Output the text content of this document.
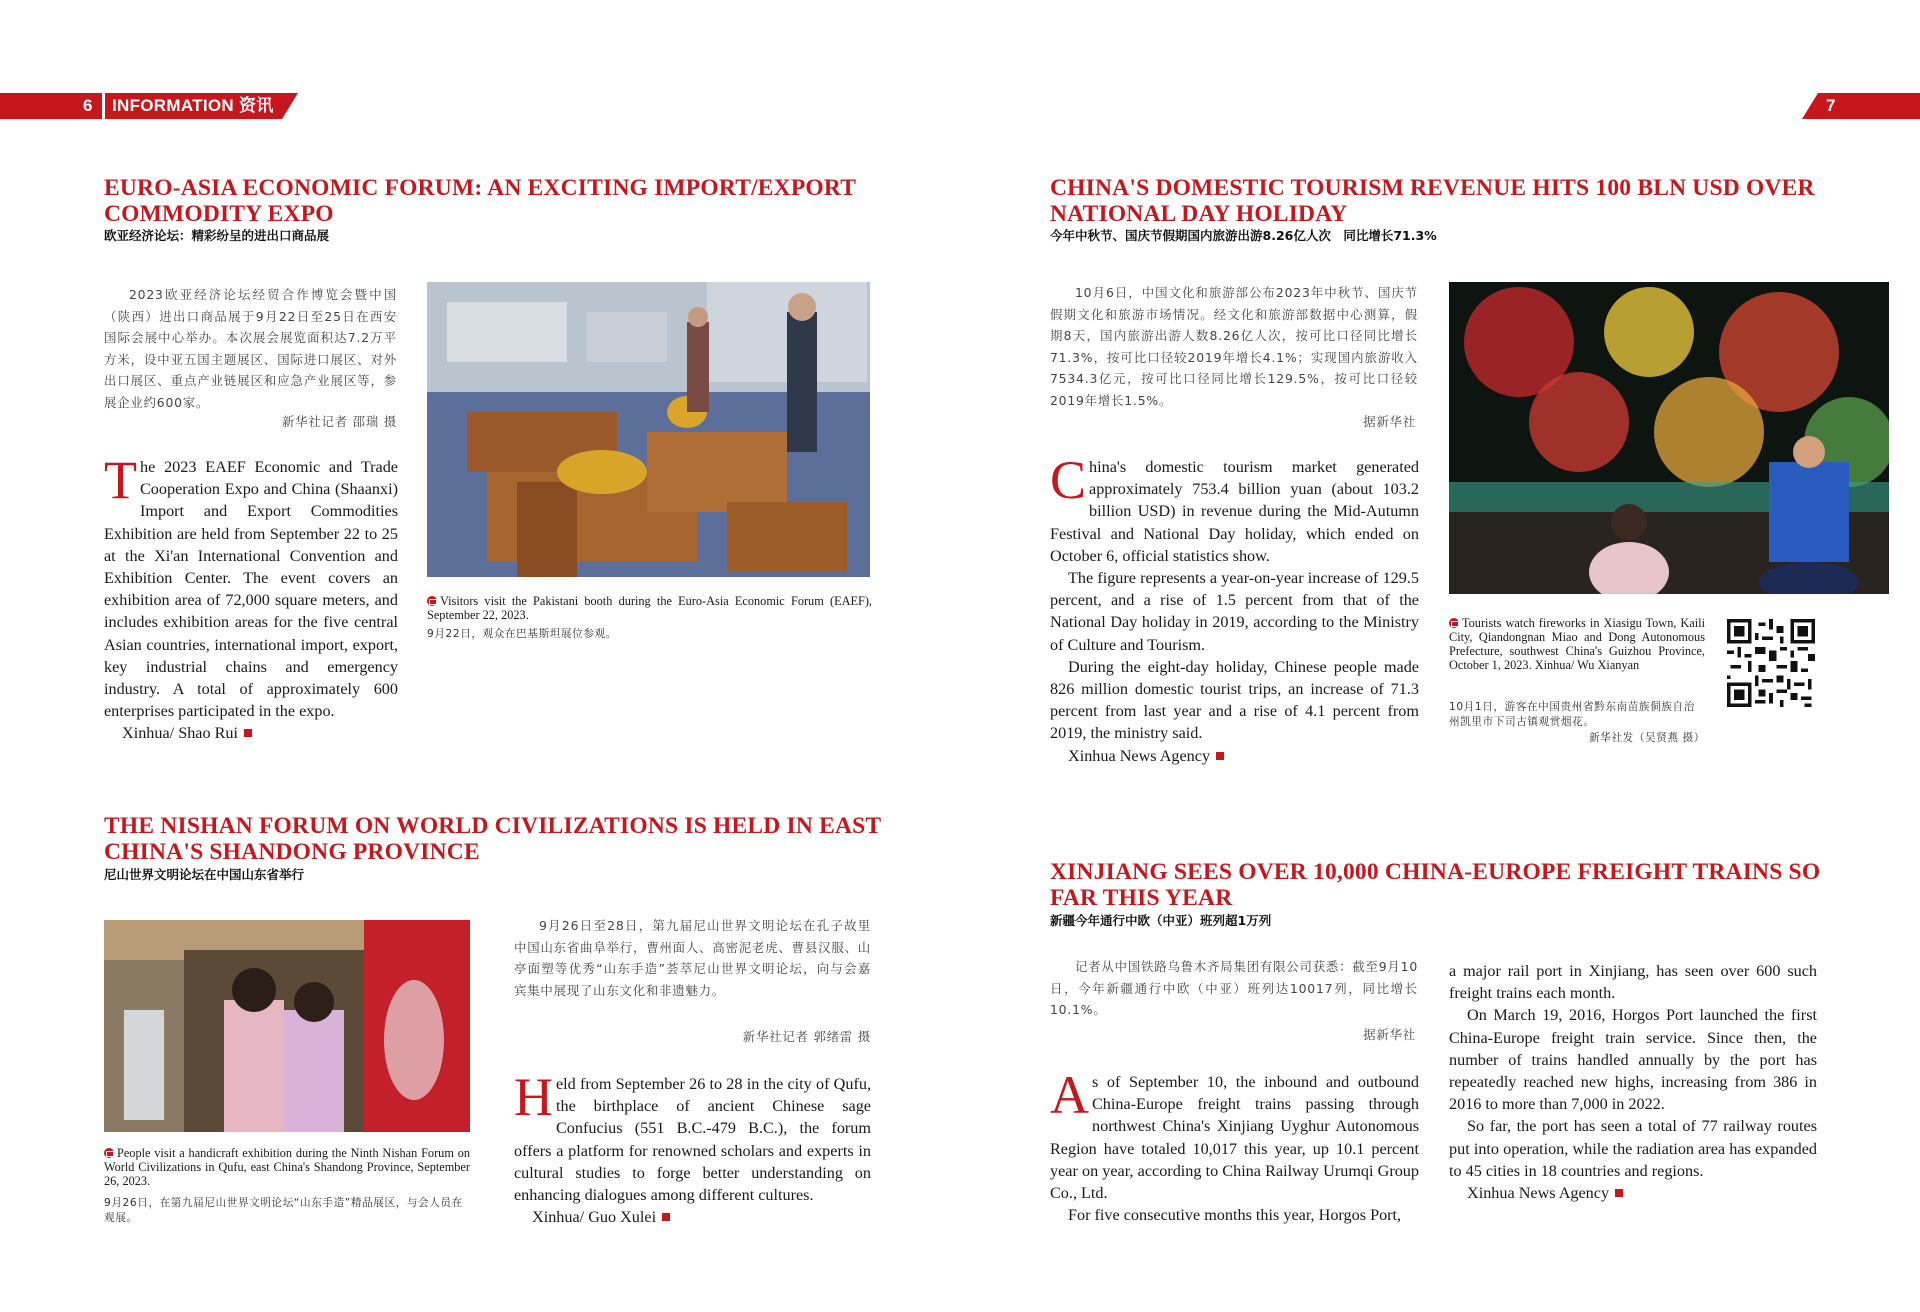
6	INFORMATION 资讯	7
EURO-ASIA ECONOMIC FORUM: AN EXCITING IMPORT/EXPORT COMMODITY EXPO
欧亚经济论坛：精彩纷呈的进出口商品展
2023欧亚经济论坛经贸合作博览会暨中国（陕西）进出口商品展于9月22日至25日在西安国际会展中心举办。本次展会展览面积达7.2万平方米，设中亚五国主题展区、国际进口展区、对外出口展区、重点产业链展区和应急产业展区等，参展企业约600家。
新华社记者 邵瑞 摄

The 2023 EAEF Economic and Trade Cooperation Expo and China (Shaanxi) Import and Export Commodities Exhibition are held from September 22 to 25 at the Xi'an International Convention and Exhibition Center. The event covers an exhibition area of 72,000 square meters, and includes exhibition areas for the five central Asian countries, international import, export, key industrial chains and emergency industry. A total of approximately 600 enterprises participated in the expo.

Xinhua/ Shao Rui

Visitors visit the Pakistani booth during the Euro-Asia Economic Forum (EAEF), September 22, 2023.
9月22日，观众在巴基斯坦展位参观。
CHINA'S DOMESTIC TOURISM REVENUE HITS 100 BLN USD OVER NATIONAL DAY HOLIDAY
今年中秋节、国庆节假期国内旅游出游8.26亿人次　同比增长71.3%
10月6日，中国文化和旅游部公布2023年中秋节、国庆节假期文化和旅游市场情况。经文化和旅游部数据中心测算，假期8天，国内旅游出游人数8.26亿人次，按可比口径同比增长71.3%，按可比口径较2019年增长4.1%；实现国内旅游收入7534.3亿元，按可比口径同比增长129.5%，按可比口径较2019年增长1.5%。
据新华社

China's domestic tourism market generated approximately 753.4 billion yuan (about 103.2 billion USD) in revenue during the Mid-Autumn Festival and National Day holiday, which ended on October 6, official statistics show.

The figure represents a year-on-year increase of 129.5 percent, and a rise of 1.5 percent from that of the National Day holiday in 2019, according to the Ministry of Culture and Tourism.

During the eight-day holiday, Chinese people made 826 million domestic tourist trips, an increase of 71.3 percent from last year and a rise of 4.1 percent from 2019, the ministry said.

Xinhua News Agency

Tourists watch fireworks in Xiasigu Town, Kaili City, Qiandongnan Miao and Dong Autonomous Prefecture, southwest China's Guizhou Province, October 1, 2023. Xinhua/ Wu Xianyan
10月1日，游客在中国贵州省黔东南苗族侗族自治州凯里市下司古镇观赏烟花。
新华社发（吴贤燕 摄）
THE NISHAN FORUM ON WORLD CIVILIZATIONS IS HELD IN EAST CHINA'S SHANDONG PROVINCE
尼山世界文明论坛在中国山东省举行
People visit a handicraft exhibition during the Ninth Nishan Forum on World Civilizations in Qufu, east China's Shandong Province, September 26, 2023.
9月26日，在第九届尼山世界文明论坛“山东手造”精品展区，与会人员在观展。
9月26日至28日，第九届尼山世界文明论坛在孔子故里中国山东省曲阜举行，曹州面人、高密泥老虎、曹县汉服、山亭面塑等优秀“山东手造”荟萃尼山世界文明论坛，向与会嘉宾集中展现了山东文化和非遗魅力。
新华社记者 郭绪雷 摄

Held from September 26 to 28 in the city of Qufu, the birthplace of ancient Chinese sage Confucius (551 B.C.-479 B.C.), the forum offers a platform for renowned scholars and experts in cultural studies to forge better understanding on enhancing dialogues among different cultures.

Xinhua/ Guo Xulei

XINJIANG SEES OVER 10,000 CHINA-EUROPE FREIGHT TRAINS SO FAR THIS YEAR
新疆今年通行中欧（中亚）班列超1万列
记者从中国铁路乌鲁木齐局集团有限公司获悉：截至9月10日，今年新疆通行中欧（中亚）班列达10017列，同比增长10.1%。
据新华社

As of September 10, the inbound and outbound China-Europe freight trains passing through northwest China's Xinjiang Uyghur Autonomous Region have totaled 10,017 this year, up 10.1 percent year on year, according to China Railway Urumqi Group Co., Ltd.

For five consecutive months this year, Horgos Port,

a major rail port in Xinjiang, has seen over 600 such freight trains each month.

On March 19, 2016, Horgos Port launched the first China-Europe freight train service. Since then, the number of trains handled annually by the port has repeatedly reached new highs, increasing from 386 in 2016 to more than 7,000 in 2022.

So far, the port has seen a total of 77 railway routes put into operation, while the radiation area has expanded to 45 cities in 18 countries and regions.

Xinhua News Agency
